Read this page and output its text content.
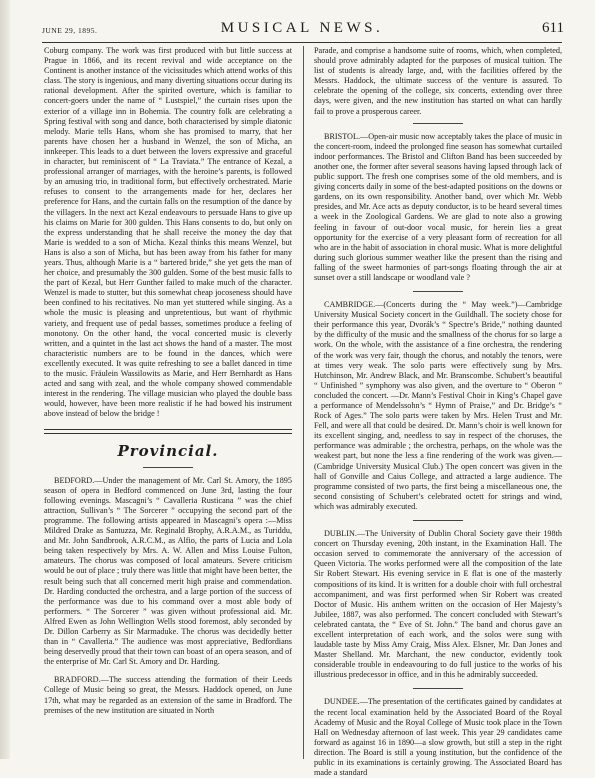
JUNE 29, 1895.	MUSICAL NEWS.	611

Coburg company. The work was first produced with but little success at Prague in 1866, and its recent revival and wide acceptance on the Continent is another instance of the vicissitudes which attend works of this class. The story is ingenious, and many diverting situations occur during its rational development. After the spirited overture, which is familiar to concert-goers under the name of “ Lustspiel,” the curtain rises upon the exterior of a village inn in Bohemia. The country folk are celebrating a Spring festival with song and dance, both characterised by simple diatonic melody. Marie tells Hans, whom she has promised to marry, that her parents have chosen her a husband in Wenzel, the son of Micha, an innkeeper. This leads to a duet between the lovers expressive and graceful in character, but reminiscent of “ La Traviata.” The entrance of Kezal, a professional arranger of marriages, with the heroine’s parents, is followed by an amusing trio, in traditional form, but effectively orchestrated. Marie refuses to consent to the arrangements made for her, declares her preference for Hans, and the curtain falls on the resumption of the dance by the villagers. In the next act Kezal endeavours to persuade Hans to give up his claims on Marie for 300 gulden. This Hans consents to do, but only on the express understanding that he shall receive the money the day that Marie is wedded to a son of Micha. Kezal thinks this means Wenzel, but Hans is also a son of Micha, but has been away from his father for many years. Thus, although Marie is a “ bartered bride,” she yet gets the man of her choice, and presumably the 300 gulden. Some of the best music falls to the part of Kezal, but Herr Gunther failed to make much of the character. Wenzel is made to stutter, but this somewhat cheap jocoseness should have been confined to his recitatives. No man yet stuttered while singing. As a whole the music is pleasing and unpretentious, but want of rhythmic variety, and frequent use of pedal basses, sometimes produce a feeling of monotony. On the other hand, the vocal concerted music is cleverly written, and a quintet in the last act shows the hand of a master. The most characteristic numbers are to be found in the dances, which were excellently executed. It was quite refreshing to see a ballet danced in time to the music. Fräulein Wassilowits as Marie, and Herr Bernhardt as Hans acted and sang with zeal, and the whole company showed commendable interest in the rendering. The village musician who played the double bass would, however, have been more realistic if he had bowed his instrument above instead of below the bridge !

Provincial.

BEDFORD.—Under the management of Mr. Carl St. Amory, the 1895 season of opera in Bedford commenced on June 3rd, lasting the four following evenings. Mascagni’s “ Cavalleria Rusticana ” was the chief attraction, Sullivan’s “ The Sorcerer ” occupying the second part of the programme. The following artists appeared in Mascagni’s opera :—Miss Mildred Drake as Santuzza, Mr. Reginald Brophy, A.R.A.M., as Turiddu, and Mr. John Sandbrook, A.R.C.M., as Alfio, the parts of Lucia and Lola being taken respectively by Mrs. A. W. Allen and Miss Louise Fulton, amateurs. The chorus was composed of local amateurs. Severe criticism would be out of place ; truly there was little that might have been better, the result being such that all concerned merit high praise and commendation. Dr. Harding conducted the orchestra, and a large portion of the success of the performance was due to his command over a most able body of performers. “ The Sorcerer ” was given without professional aid. Mr. Alfred Ewen as John Wellington Wells stood foremost, ably seconded by Dr. Dillon Carberry as Sir Marmaduke. The chorus was decidedly better than in “ Cavalleria.” The audience was most appreciative, Bedfordians being deservedly proud that their town can boast of an opera season, and of the enterprise of Mr. Carl St. Amory and Dr. Harding.

BRADFORD.—The success attending the formation of their Leeds College of Music being so great, the Messrs. Haddock opened, on June 17th, what may be regarded as an extension of the same in Bradford. The premises of the new institution are situated in North

Parade, and comprise a handsome suite of rooms, which, when completed, should prove admirably adapted for the purposes of musical tuition. The list of students is already large, and, with the facilities offered by the Messrs. Haddock, the ultimate success of the venture is assured. To celebrate the opening of the college, six concerts, extending over three days, were given, and the new institution has started on what can hardly fail to prove a prosperous career.

BRISTOL.—Open-air music now acceptably takes the place of music in the concert-room, indeed the prolonged fine season has somewhat curtailed indoor performances. The Bristol and Clifton Band has been succeeded by another one, the former after several seasons having lapsed through lack of public support. The fresh one comprises some of the old members, and is giving concerts daily in some of the best-adapted positions on the downs or gardens, on its own responsibility. Another band, over which Mr. Webb presides, and Mr. Ace acts as deputy conductor, is to be heard several times a week in the Zoological Gardens. We are glad to note also a growing feeling in favour of out-door vocal music, for herein lies a great opportunity for the exercise of a very pleasant form of recreation for all who are in the habit of association in choral music. What is more delightful during such glorious summer weather like the present than the rising and falling of the sweet harmonies of part-songs floating through the air at sunset over a still landscape or woodland vale ?

CAMBRIDGE.—(Concerts during the “ May week.”)—Cambridge University Musical Society concert in the Guildhall. The society chose for their performance this year, Dvorák’s “ Spectre’s Bride,” nothing daunted by the difficulty of the music and the smallness of the chorus for so large a work. On the whole, with the assistance of a fine orchestra, the rendering of the work was very fair, though the chorus, and notably the tenors, were at times very weak. The solo parts were effectively sung by Mrs. Hutchinson, Mr. Andrew Black, and Mr. Branscombe. Schubert’s beautiful “ Unfinished ” symphony was also given, and the overture to “ Oberon ” concluded the concert. —Dr. Mann’s Festival Choir in King’s Chapel gave a performance of Mendelssohn’s “ Hymn of Praise,” and Dr. Bridge’s “ Rock of Ages.” The solo parts were taken by Mrs. Helen Trust and Mr. Fell, and were all that could be desired. Dr. Mann’s choir is well known for its excellent singing, and, needless to say in respect of the choruses, the performance was admirable ; the orchestra, perhaps, on the whole was the weakest part, but none the less a fine rendering of the work was given.—(Cambridge University Musical Club.) The open concert was given in the hall of Gonville and Caius College, and attracted a large audience. The programme consisted of two parts, the first being a miscellaneous one, the second consisting of Schubert’s celebrated octett for strings and wind, which was admirably executed.

DUBLIN.—The University of Dublin Choral Society gave their 198th concert on Thursday evening, 20th instant, in the Examination Hall. The occasion served to commemorate the anniversary of the accession of Queen Victoria. The works performed were all the composition of the late Sir Robert Stewart. His evening service in E flat is one of the masterly compositions of its kind. It is written for a double choir with full orchestral accompaniment, and was first performed when Sir Robert was created Doctor of Music. His anthem written on the occasion of Her Majesty’s Jubilee, 1887, was also performed. The concert concluded with Stewart’s celebrated cantata, the “ Eve of St. John.” The band and chorus gave an excellent interpretation of each work, and the solos were sung with laudable taste by Miss Amy Craig, Miss Alex. Elsner, Mr. Dan Jones and Master Shelland. Mr. Marchant, the new conductor, evidently took considerable trouble in endeavouring to do full justice to the works of his illustrious predecessor in office, and in this he admirably succeeded.

DUNDEE.—The presentation of the certificates gained by candidates at the recent local examination held by the Associated Board of the Royal Academy of Music and the Royal College of Music took place in the Town Hall on Wednesday afternoon of last week. This year 29 candidates came forward as against 16 in 1890—a slow growth, but still a step in the right direction. The Board is still a young institution, but the confidence of the public in its examinations is certainly growing. The Associated Board has made a standard
